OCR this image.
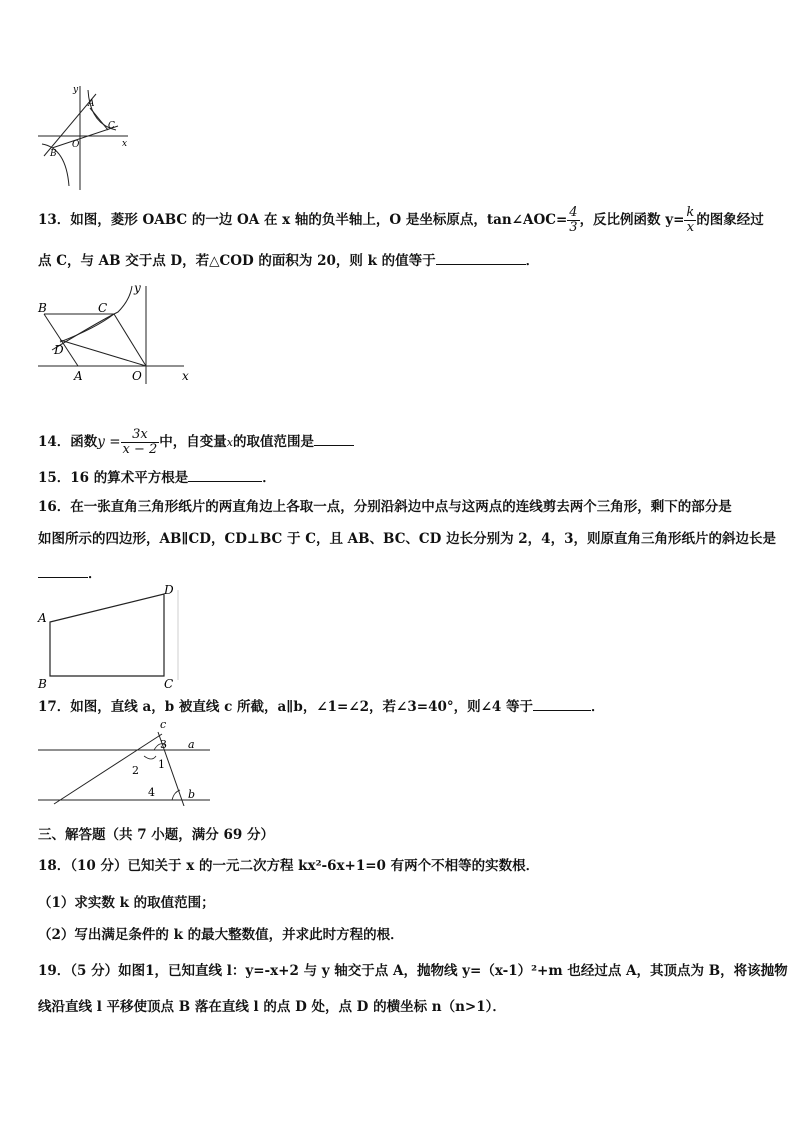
y
A
C
O
B
x
13．如图，菱形 OABC 的一边 OA 在 x 轴的负半轴上，O 是坐标原点，tan∠AOC= $\frac{4}{3}$ ，反比例函数 $y= \frac{k}{x}$ 的图象经过
点 C，与 AB 交于点 D，若△COD 的面积为 20，则 k 的值等于	．
B	C
y
D
A	O	x
14．函数$y = \frac{3x}{x - 2}$ 中，自变量x的取值范围是
15．16 的算术平方根是	．
16．在一张直角三角形纸片的两直角边上各取一点，分别沿斜边中点与这两点的连线剪去两个三角形，剩下的部分是
如图所示的四边形，AB∥CD，CD⊥BC 于 C，且 AB、BC、CD 边长分别为 2，4，3，则原直角三角形纸片的斜边长是
．
A
B	C
D
17．如图，直线 a，b 被直线 c 所截，a∥b，∠1=∠2，若∠3=40°，则∠4 等于	．
c
3 a
1
2
4	b
三、解答题（共 7 小题，满分 69 分）
18．（10 分）已知关于 x 的一元二次方程 kx²-6x+1=0 有两个不相等的实数根．
（1）求实数 k 的取值范围；
（2）写出满足条件的 k 的最大整数值，并求此时方程的根．
19．（5 分）如图1，已知直线 l：y=-x+2 与 y 轴交于点 A，抛物线 y=（x-1）²+m 也经过点 A，其顶点为 B，将该抛物
线沿直线 l 平移使顶点 B 落在直线 l 的点 D 处，点 D 的横坐标 n（n>1）．
